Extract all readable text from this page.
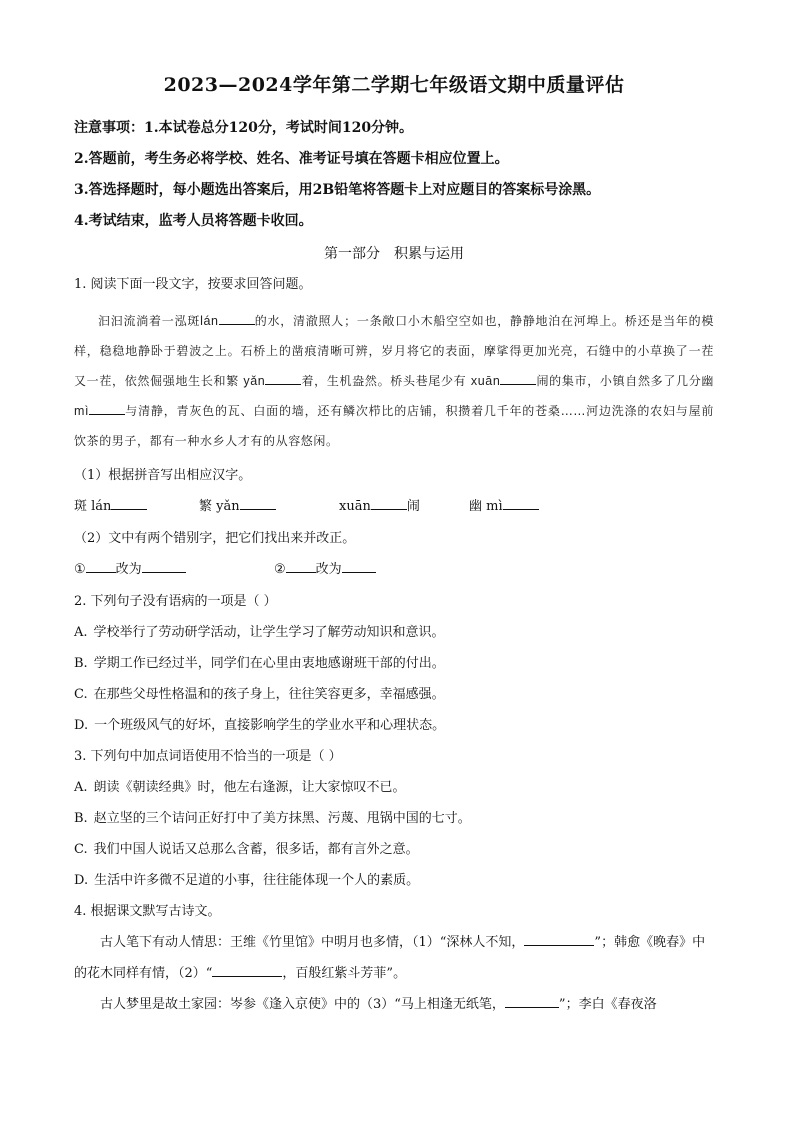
2023—2024学年第二学期七年级语文期中质量评估
注意事项：1.本试卷总分120分，考试时间120分钟。
2.答题前，考生务必将学校、姓名、准考证号填在答题卡相应位置上。
3.答选择题时，每小题选出答案后，用2B铅笔将答题卡上对应题目的答案标号涂黑。
4.考试结束，监考人员将答题卡收回。
第一部分 积累与运用
1. 阅读下面一段文字，按要求回答问题。
汩汩流淌着一泓斑lán	的水，清澈照人；一条敞口小木船空空如也，静静地泊在河埠上。桥还是当年的模样，稳稳地静卧于碧波之上。石桥上的凿痕清晰可辨，岁月将它的表面，摩挲得更加光亮，石缝中的小草换了一茬又一茬，依然倔强地生长和繁 yǎn	着，生机盎然。桥头巷尾少有 xuān	闹的集市，小镇自然多了几分幽 mì	与清静，青灰色的瓦、白面的墙，还有鳞次栉比的店铺，积攒着几千年的苍桑……河边洗涤的农妇与屋前饮茶的男子，都有一种水乡人才有的从容悠闲。
（1）根据拼音写出相应汉字。
斑 lán	繁 yǎn	xuān	闹	幽 mì
（2）文中有两个错别字，把它们找出来并改正。
① 改为	② 改为
2. 下列句子没有语病的一项是（ ）
A. 学校举行了劳动研学活动，让学生学习了解劳动知识和意识。
B. 学期工作已经过半，同学们在心里由衷地感谢班干部的付出。
C. 在那些父母性格温和的孩子身上，往往笑容更多，幸福感强。
D. 一个班级风气的好坏，直接影响学生的学业水平和心理状态。
3. 下列句中加点词语使用不恰当的一项是（ ）
A. 朗读《朝读经典》时，他左右逢源，让大家惊叹不已。
B. 赵立坚的三个诘问正好打中了美方抹黑、污蔑、甩锅中国的七寸。
C. 我们中国人说话又总那么含蓄，很多话，都有言外之意。
D. 生活中许多微不足道的小事，往往能体现一个人的素质。
4. 根据课文默写古诗文。
古人笔下有动人情思：王维《竹里馆》中明月也多情，（1）“深林人不知，	”；韩愈《晚春》中的花木同样有情，（2）“	，百般红紫斗芳菲”。
古人梦里是故土家园：岑参《逢入京使》中的（3）“马上相逢无纸笔，	”；李白《春夜洛
